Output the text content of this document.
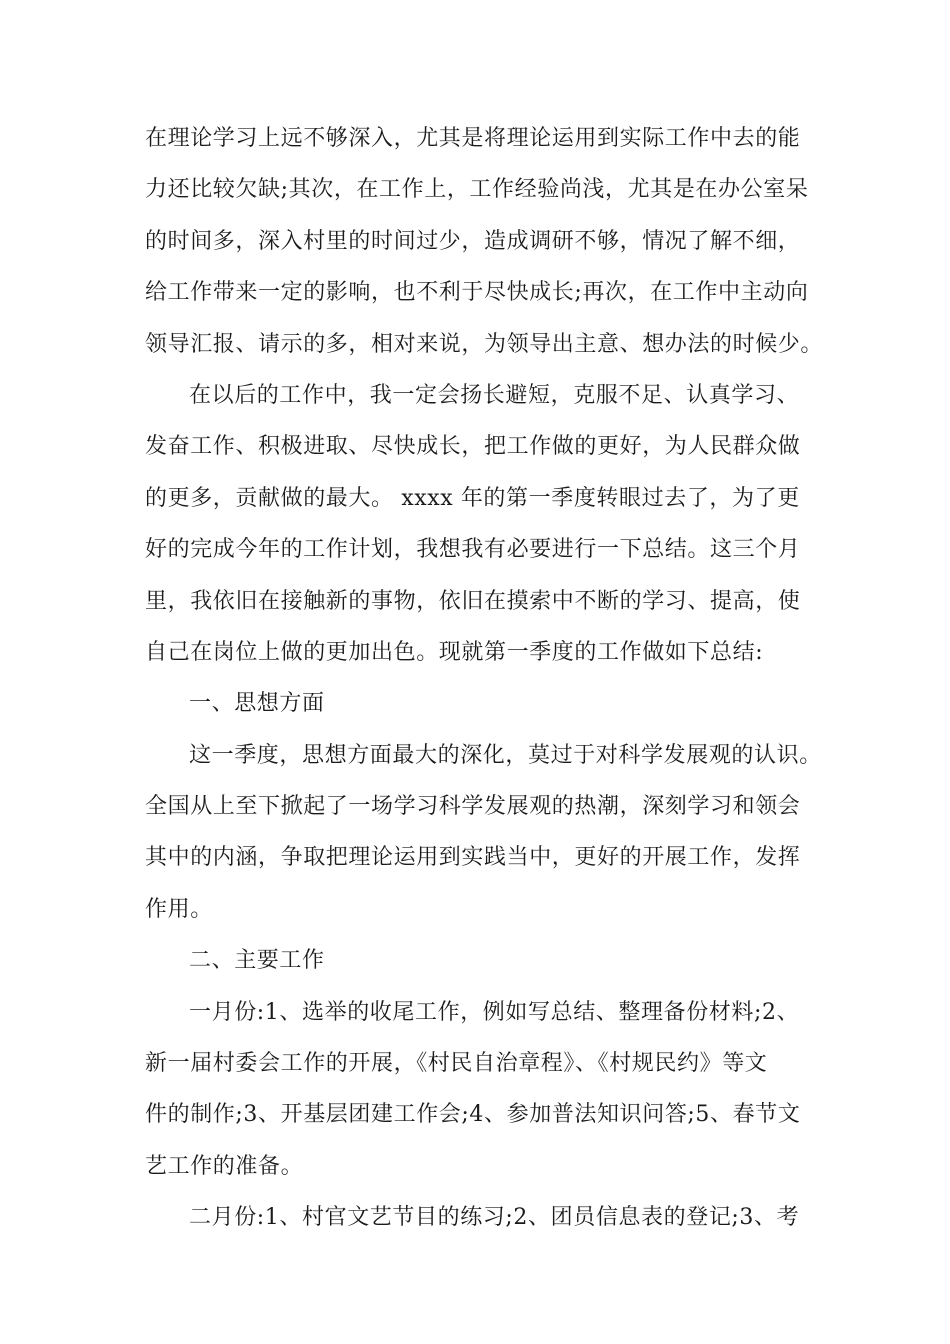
在理论学习上远不够深入，尤其是将理论运用到实际工作中去的能
力还比较欠缺;其次，在工作上，工作经验尚浅，尤其是在办公室呆
的时间多，深入村里的时间过少，造成调研不够，情况了解不细，
给工作带来一定的影响，也不利于尽快成长;再次，在工作中主动向
领导汇报、请示的多，相对来说，为领导出主意、想办法的时候少。
在以后的工作中，我一定会扬长避短，克服不足、认真学习、
发奋工作、积极进取、尽快成长，把工作做的更好，为人民群众做
的更多，贡献做的最大。 xxxx 年的第一季度转眼过去了，为了更
好的完成今年的工作计划，我想我有必要进行一下总结。这三个月
里，我依旧在接触新的事物，依旧在摸索中不断的学习、提高，使
自己在岗位上做的更加出色。现就第一季度的工作做如下总结:
一、思想方面
这一季度，思想方面最大的深化，莫过于对科学发展观的认识。
全国从上至下掀起了一场学习科学发展观的热潮，深刻学习和领会
其中的内涵，争取把理论运用到实践当中，更好的开展工作，发挥
作用。
二、主要工作
一月份:1、选举的收尾工作，例如写总结、整理备份材料;2、
新一届村委会工作的开展，《村民自治章程》、《村规民约》等文
件的制作;3、开基层团建工作会;4、参加普法知识问答;5、春节文
艺工作的准备。
二月份:1、村官文艺节目的练习;2、团员信息表的登记;3、考
